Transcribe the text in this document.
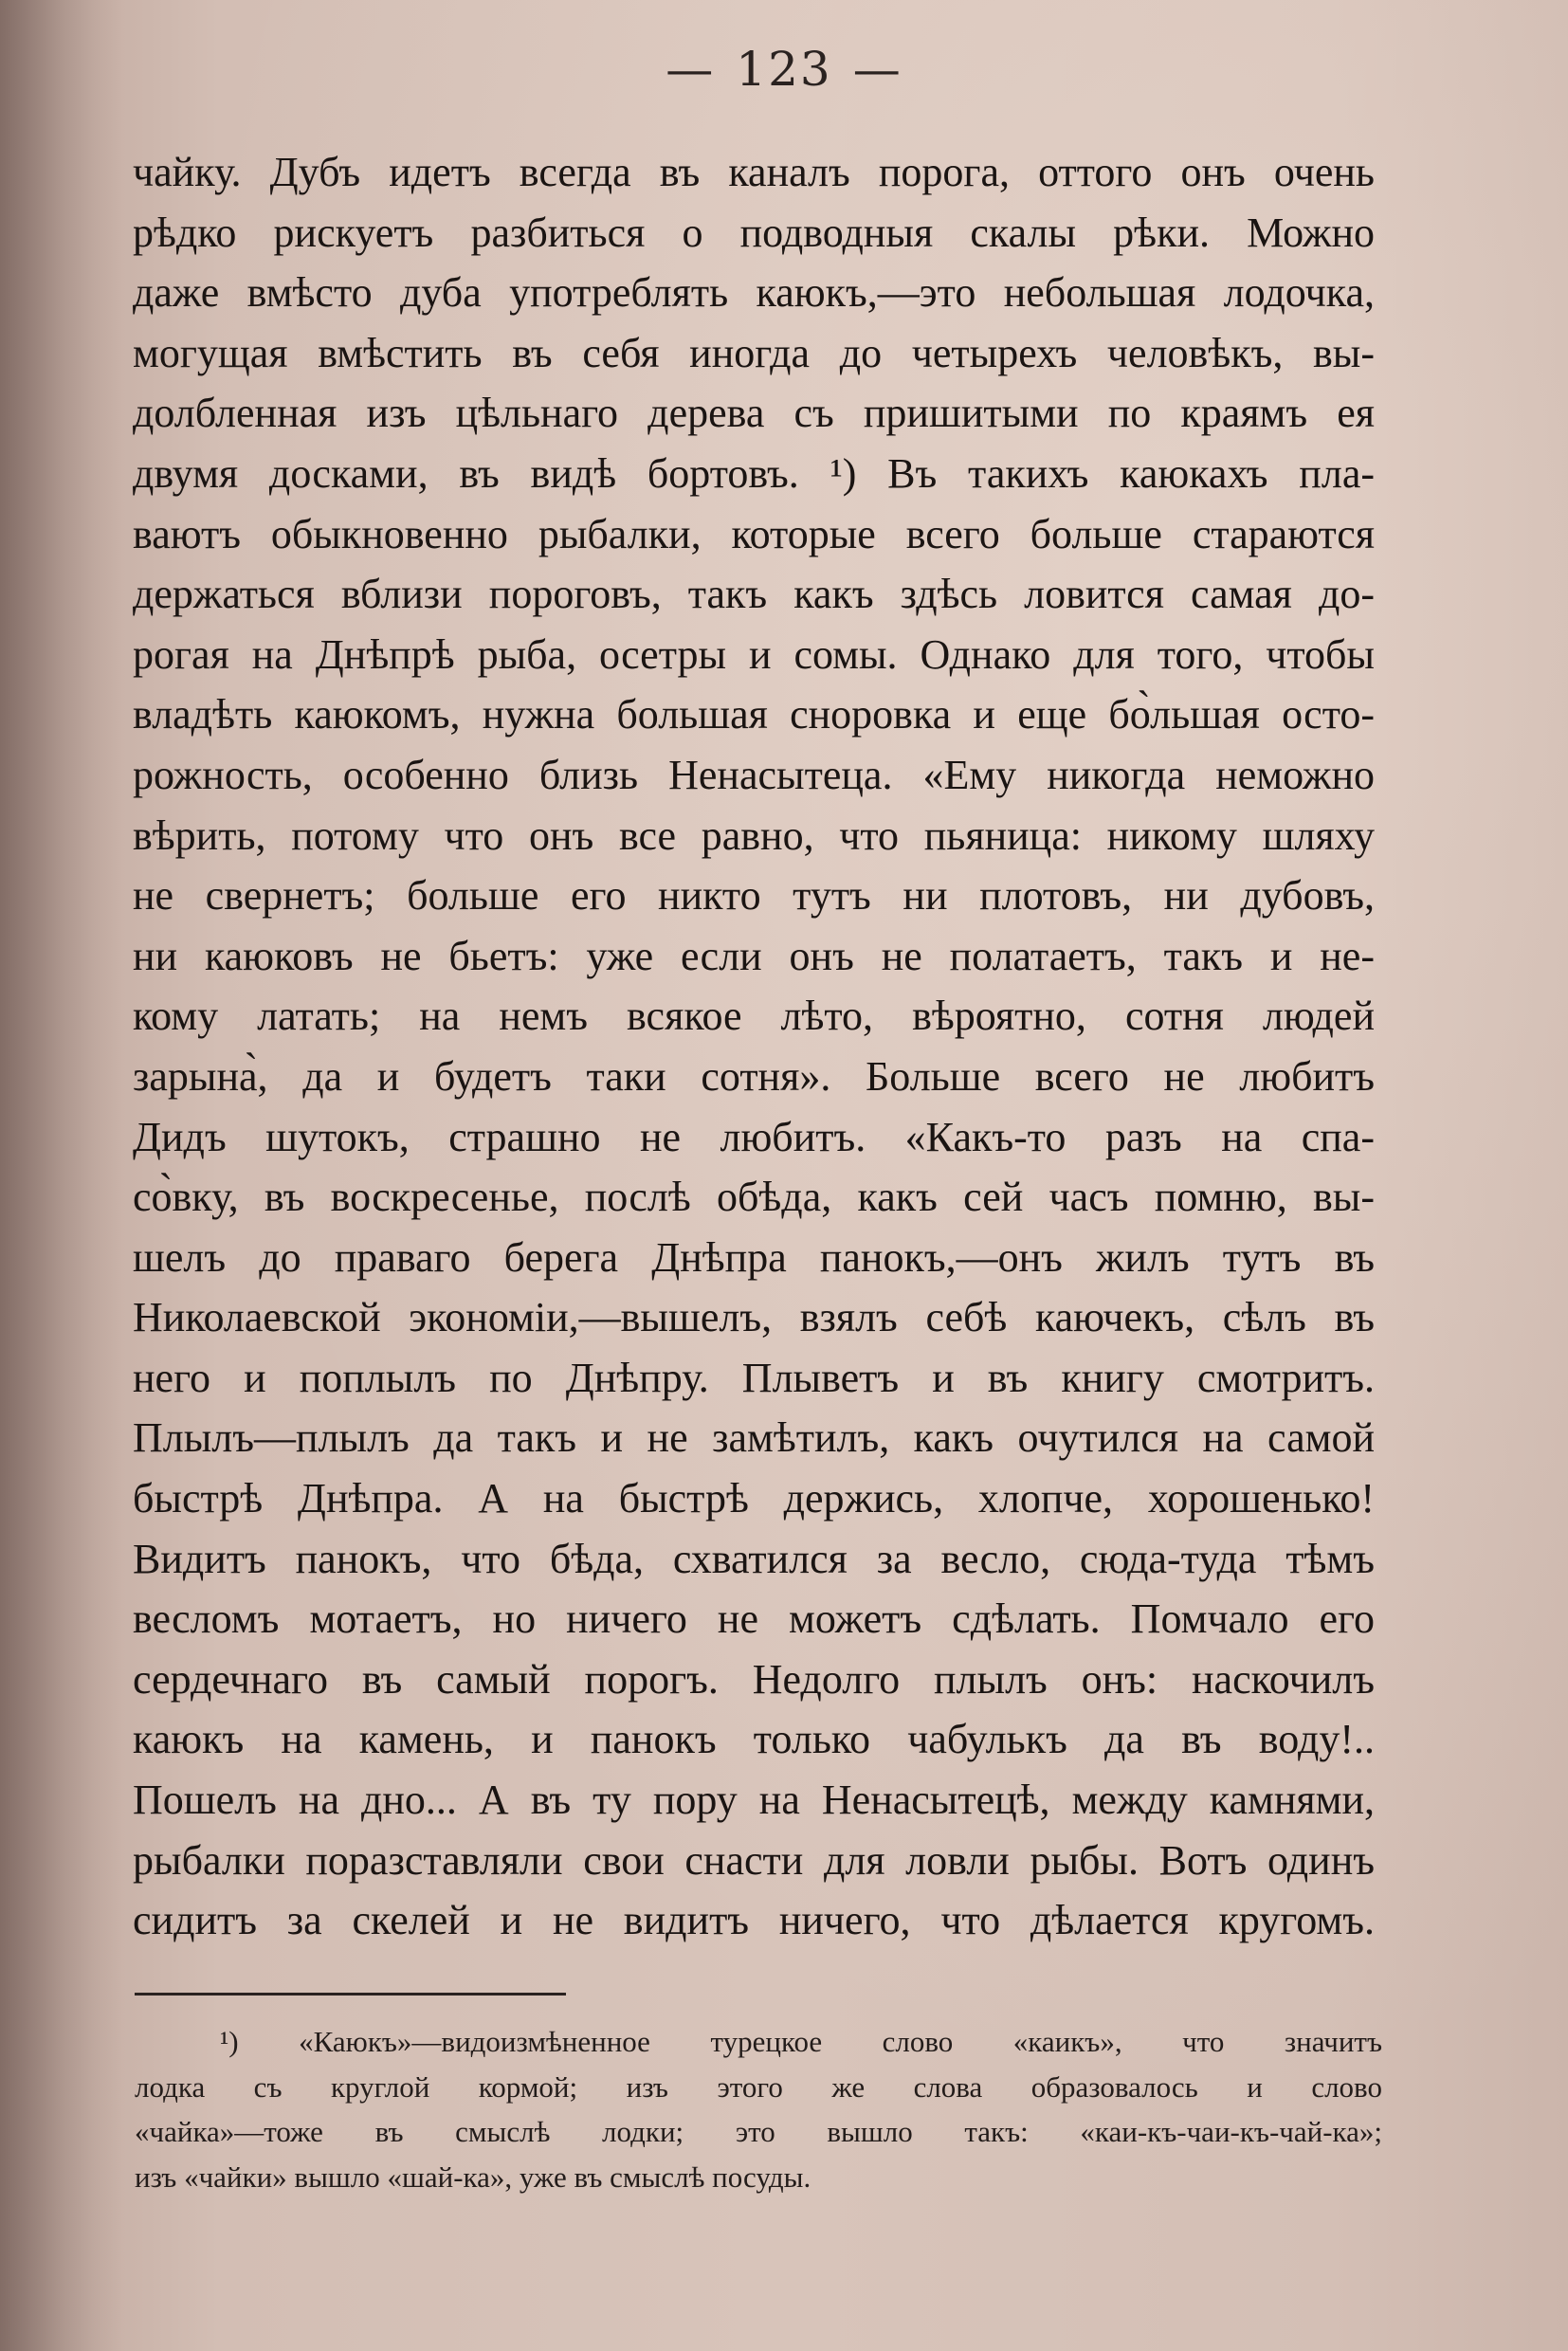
— 123 —
чайку. Дубъ идетъ всегда въ каналъ порога, оттого онъ очень
рѣдко рискуетъ разбиться о подводныя скалы рѣки. Можно
даже вмѣсто дуба употреблять каюкъ,—это небольшая лодочка,
могущая вмѣстить въ себя иногда до четырехъ человѣкъ, вы-
долбленная изъ цѣльнаго дерева съ пришитыми по краямъ ея
двумя досками, въ видѣ бортовъ. ¹) Въ такихъ каюкахъ пла-
ваютъ обыкновенно рыбалки, которые всего больше стараются
держаться вблизи пороговъ, такъ какъ здѣсь ловится самая до-
рогая на Днѣпрѣ рыба, осетры и сомы. Однако для того, чтобы
владѣть каюкомъ, нужна большая сноровка и еще бо̀льшая осто-
рожность, особенно близь Ненасытеца. «Ему никогда неможно
вѣрить, потому что онъ все равно, что пьяница: никому шляху
не свернетъ; больше его никто тутъ ни плотовъ, ни дубовъ,
ни каюковъ не бьетъ: уже если онъ не полатаетъ, такъ и не-
кому латать; на немъ всякое лѣто, вѣроятно, сотня людей
зарына̀, да и будетъ таки сотня». Больше всего не любитъ
Дидъ шутокъ, страшно не любитъ. «Какъ-то разъ на спа-
со̀вку, въ воскресенье, послѣ обѣда, какъ сей часъ помню, вы-
шелъ до праваго берега Днѣпра панокъ,—онъ жилъ тутъ въ
Николаевской экономіи,—вышелъ, взялъ себѣ каючекъ, сѣлъ въ
него и поплылъ по Днѣпру. Плыветъ и въ книгу смотритъ.
Плылъ—плылъ да такъ и не замѣтилъ, какъ очутился на самой
быстрѣ Днѣпра. А на быстрѣ держись, хлопче, хорошенько!
Видитъ панокъ, что бѣда, схватился за весло, сюда-туда тѣмъ
весломъ мотаетъ, но ничего не можетъ сдѣлать. Помчало его
сердечнаго въ самый порогъ. Недолго плылъ онъ: наскочилъ
каюкъ на камень, и панокъ только чабулькъ да въ воду!..
Пошелъ на дно... А въ ту пору на Ненасытецѣ, между камнями,
рыбалки поразставляли свои снасти для ловли рыбы. Вотъ одинъ
сидитъ за скелей и не видитъ ничего, что дѣлается кругомъ.
¹) «Каюкъ»—видоизмѣненное турецкое слово «каикъ», что значитъ
лодка съ круглой кормой; изъ этого же слова образовалось и слово
«чайка»—тоже въ смыслѣ лодки; это вышло такъ: «каи-къ-чаи-къ-чай-ка»;
изъ «чайки» вышло «шай-ка», уже въ смыслѣ посуды.
